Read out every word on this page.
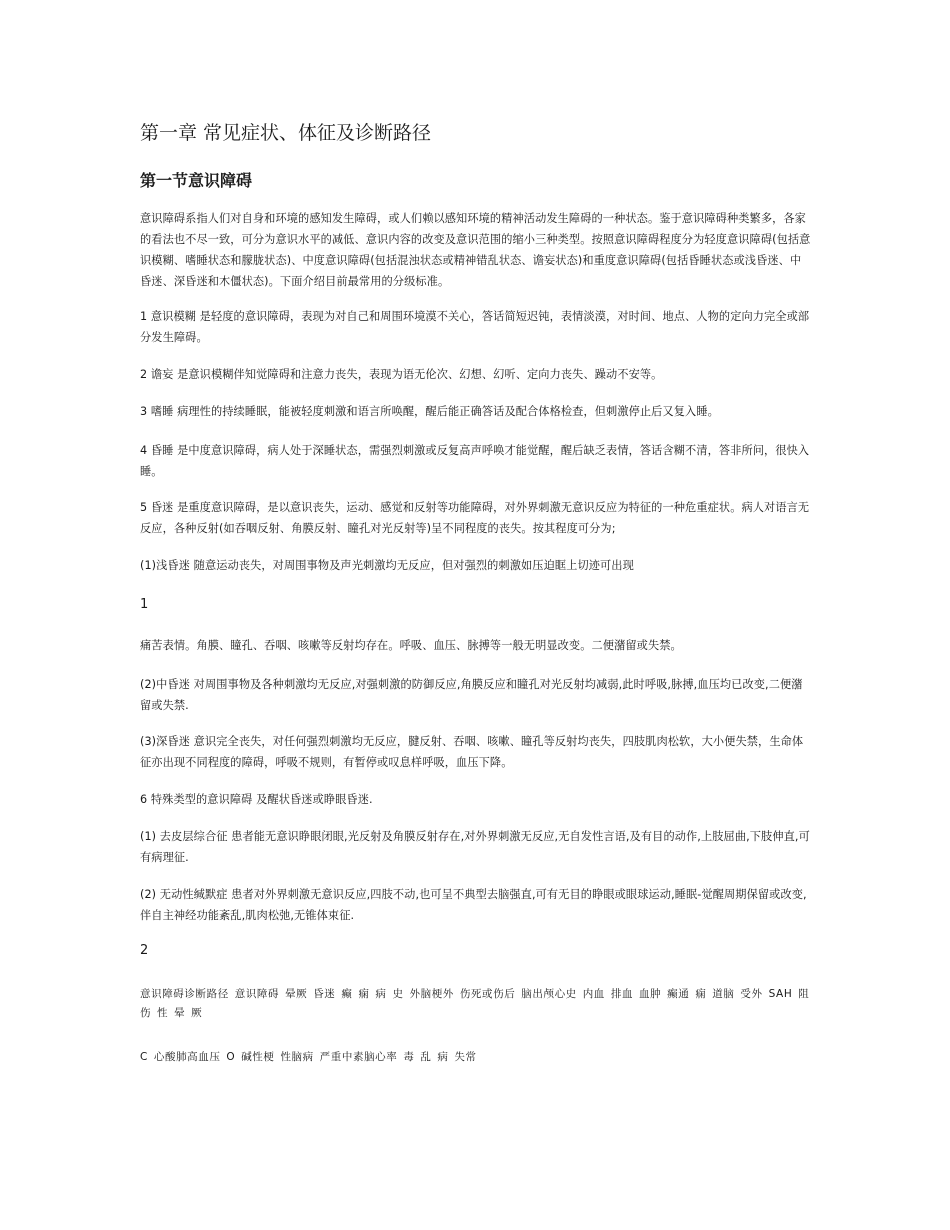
第一章 常见症状、体征及诊断路径
第一节意识障碍

意识障碍系指人们对自身和环境的感知发生障碍，或人们赖以感知环境的精神活动发生障碍的一种状态。鉴于意识障碍种类繁多，各家的看法也不尽一致，可分为意识水平的减低、意识内容的改变及意识范围的缩小三种类型。按照意识障碍程度分为轻度意识障碍(包括意识模糊、嗜睡状态和朦胧状态)、中度意识障碍(包括混浊状态或精神错乱状态、谵妄状态)和重度意识障碍(包括昏睡状态或浅昏迷、中昏迷、深昏迷和木僵状态)。下面介绍目前最常用的分级标准。

1 意识模糊 是轻度的意识障碍，表现为对自己和周围环境漠不关心，答话简短迟钝，表情淡漠，对时间、地点、人物的定向力完全或部分发生障碍。

2 谵妄 是意识模糊伴知觉障碍和注意力丧失，表现为语无伦次、幻想、幻听、定向力丧失、躁动不安等。

3 嗜睡 病理性的持续睡眠，能被轻度刺激和语言所唤醒，醒后能正确答话及配合体格检查，但刺激停止后又复入睡。

4 昏睡 是中度意识障碍，病人处于深睡状态，需强烈刺激或反复高声呼唤才能觉醒，醒后缺乏表情，答话含糊不清，答非所问，很快入睡。

5 昏迷 是重度意识障碍，是以意识丧失，运动、感觉和反射等功能障碍，对外界刺激无意识反应为特征的一种危重症状。病人对语言无反应，各种反射(如吞咽反射、角膜反射、瞳孔对光反射等)呈不同程度的丧失。按其程度可分为;

(1)浅昏迷 随意运动丧失，对周围事物及声光刺激均无反应，但对强烈的刺激如压迫眶上切迹可出现

1

痛苦表情。角膜、瞳孔、吞咽、咳嗽等反射均存在。呼吸、血压、脉搏等一般无明显改变。二便潴留或失禁。

(2)中昏迷 对周围事物及各种刺激均无反应,对强刺激的防御反应,角膜反应和瞳孔对光反射均减弱,此时呼吸,脉搏,血压均已改变,二便潴留或失禁.

(3)深昏迷 意识完全丧失，对任何强烈刺激均无反应，腱反射、吞咽、咳嗽、瞳孔等反射均丧失，四肢肌肉松软，大小便失禁，生命体征亦出现不同程度的障碍，呼吸不规则，有暂停或叹息样呼吸，血压下降。

6 特殊类型的意识障碍 及醒状昏迷或睁眼昏迷.

(1) 去皮层综合征 患者能无意识睁眼闭眼,光反射及角膜反射存在,对外界刺激无反应,无自发性言语,及有目的动作,上肢屈曲,下肢伸直,可有病理征.

(2) 无动性缄默症 患者对外界刺激无意识反应,四肢不动,也可呈不典型去脑强直,可有无目的睁眼或眼球运动,睡眠-觉醒周期保留或改变,伴自主神经功能紊乱,肌肉松弛,无锥体束征.

2

意识障碍诊断路径 意识障碍 晕厥 昏迷 癫 痫 病 史 外脑梗外 伤死或伤后 脑出颅心史 内血 排血 血肿 癫通 痫 道脑 受外 SAH 阻 伤 性 晕 厥

C 心酸肺高血压 O 碱性梗 性脑病 严重中素脑心率 毒 乱 病 失常
